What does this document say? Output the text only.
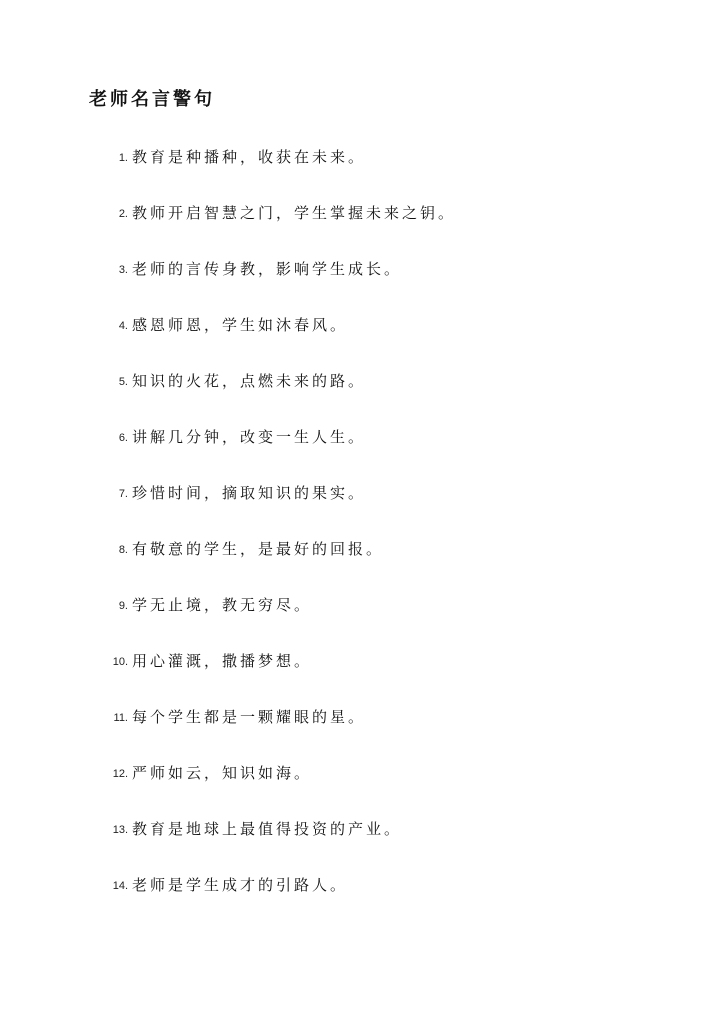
老师名言警句
1. 教育是种播种，收获在未来。
2. 教师开启智慧之门，学生掌握未来之钥。
3. 老师的言传身教，影响学生成长。
4. 感恩师恩，学生如沐春风。
5. 知识的火花，点燃未来的路。
6. 讲解几分钟，改变一生人生。
7. 珍惜时间，摘取知识的果实。
8. 有敬意的学生，是最好的回报。
9. 学无止境，教无穷尽。
10. 用心灌溉，撒播梦想。
11. 每个学生都是一颗耀眼的星。
12. 严师如云，知识如海。
13. 教育是地球上最值得投资的产业。
14. 老师是学生成才的引路人。
